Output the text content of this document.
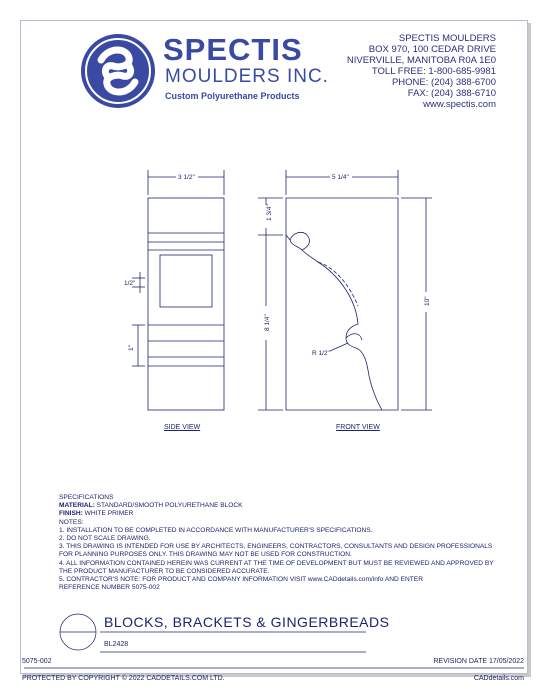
SPECTIS
MOULDERS INC.
Custom Polyurethane Products
SPECTIS MOULDERS
BOX 970, 100 CEDAR DRIVE
NIVERVILLE, MANITOBA R0A 1E0
TOLL FREE: 1-800-685-9981
PHONE: (204) 388-6700
FAX: (204) 388-6710
www.spectis.com
3 1/2"
1/2"
1"
5 1/4"
1 3/4"
8 1/4"
10"
R 1/2"
SIDE VIEW	FRONT VIEW
SPECIFICATIONS
MATERIAL: STANDARD/SMOOTH POLYURETHANE BLOCK
FINISH: WHITE PRIMER
NOTES:
1. INSTALLATION TO BE COMPLETED IN ACCORDANCE WITH MANUFACTURER'S SPECIFICATIONS.
2. DO NOT SCALE DRAWING.
3. THIS DRAWING IS INTENDED FOR USE BY ARCHITECTS, ENGINEERS, CONTRACTORS, CONSULTANTS AND DESIGN PROFESSIONALS
FOR PLANNING PURPOSES ONLY. THIS DRAWING MAY NOT BE USED FOR CONSTRUCTION.
4. ALL INFORMATION CONTAINED HEREIN WAS CURRENT AT THE TIME OF DEVELOPMENT BUT MUST BE REVIEWED AND APPROVED BY
THE PRODUCT MANUFACTURER TO BE CONSIDERED ACCURATE.
5. CONTRACTOR'S NOTE: FOR PRODUCT AND COMPANY INFORMATION VISIT www.CADdetails.com/info AND ENTER
REFERENCE NUMBER 5075-002
BLOCKS, BRACKETS & GINGERBREADS
BL2428
5075-002	REVISION DATE 17/05/2022
PROTECTED BY COPYRIGHT © 2022 CADDETAILS.COM LTD.	CADdetails.com
